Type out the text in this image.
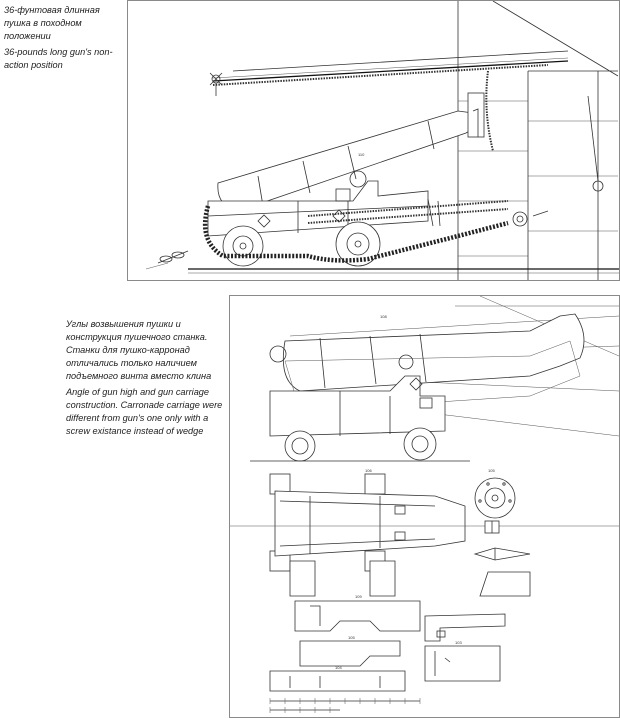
36-фунтовая длинная пушка в походном положении

36-pounds long gun's non-action position

Углы возвышения пушки и конструкция пушечного станка. Станки для пушко-карронад отличались только наличием подъемного винта вместо клина

Angle of gun high and gun carriage construction. Carronade carriage were different from gun's one only with a screw existance instead of wedge

110
108
106	105
109
105
103
104
